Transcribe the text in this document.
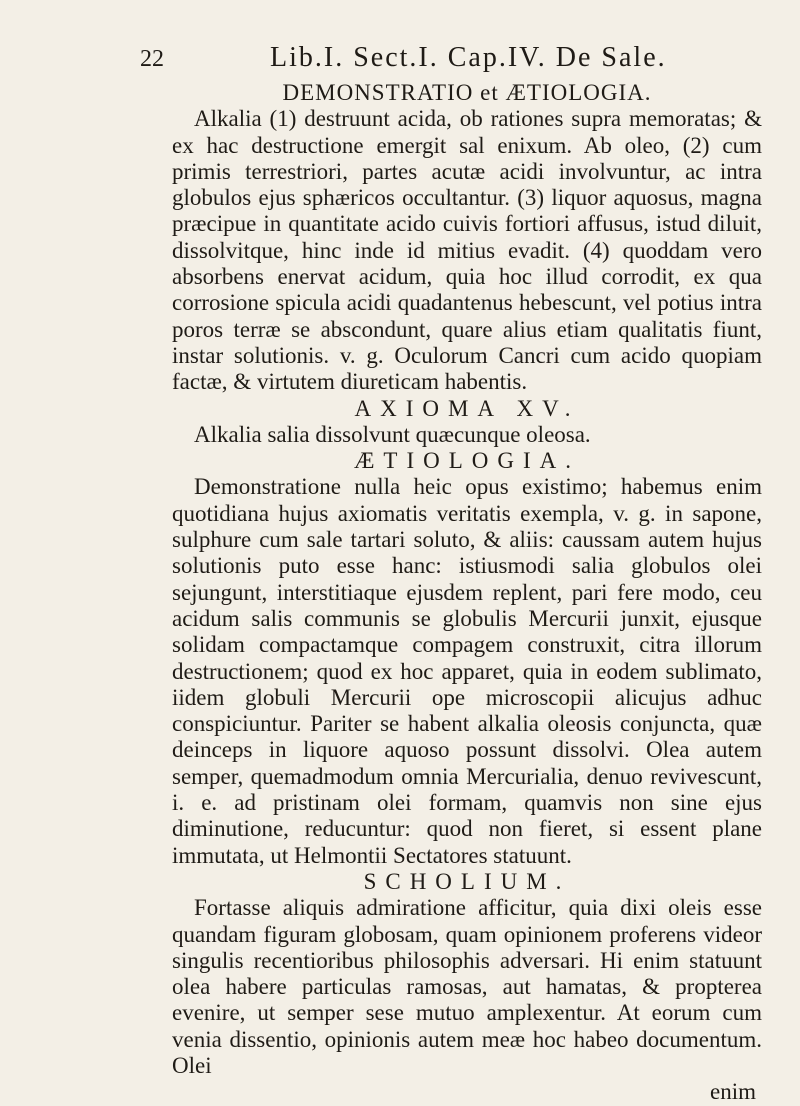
22	Lib.I. Sect.I. Cap.IV. De Sale.

DEMONSTRATIO et ÆTIOLOGIA.

Alkalia (1) destruunt acida, ob rationes supra memoratas; & ex hac destructione emergit sal enixum. Ab oleo, (2) cum primis terrestriori, partes acutæ acidi involvuntur, ac intra globulos ejus sphæricos occultantur. (3) liquor aquosus, magna præcipue in quantitate acido cuivis fortiori affusus, istud diluit, dissolvitque, hinc inde id mitius evadit. (4) quoddam vero absorbens enervat acidum, quia hoc illud corrodit, ex qua corrosione spicula acidi quadantenus hebescunt, vel potius intra poros terræ se abscondunt, quare alius etiam qualitatis fiunt, instar solutionis. v. g. Oculorum Cancri cum acido quopiam factæ, & virtutem diureticam habentis.

AXIOMA XV.

Alkalia salia dissolvunt quæcunque oleosa.

ÆTIOLOGIA.

Demonstratione nulla heic opus existimo; habemus enim quotidiana hujus axiomatis veritatis exempla, v. g. in sapone, sulphure cum sale tartari soluto, & aliis: caussam autem hujus solutionis puto esse hanc: istiusmodi salia globulos olei sejungunt, interstitiaque ejusdem replent, pari fere modo, ceu acidum salis communis se globulis Mercurii junxit, ejusque solidam compactamque compagem construxit, citra illorum destructionem; quod ex hoc apparet, quia in eodem sublimato, iidem globuli Mercurii ope microscopii alicujus adhuc conspiciuntur. Pariter se habent alkalia oleosis conjuncta, quæ deinceps in liquore aquoso possunt dissolvi. Olea autem semper, quemadmodum omnia Mercurialia, denuo revivescunt, i. e. ad pristinam olei formam, quamvis non sine ejus diminutione, reducuntur: quod non fieret, si essent plane immutata, ut Helmontii Sectatores statuunt.

SCHOLIUM.

Fortasse aliquis admiratione afficitur, quia dixi oleis esse quandam figuram globosam, quam opinionem proferens videor singulis recentioribus philosophis adversari. Hi enim statuunt olea habere particulas ramosas, aut hamatas, & propterea evenire, ut semper sese mutuo amplexentur. At eorum cum venia dissentio, opinionis autem meæ hoc habeo documentum. Olei

enim
